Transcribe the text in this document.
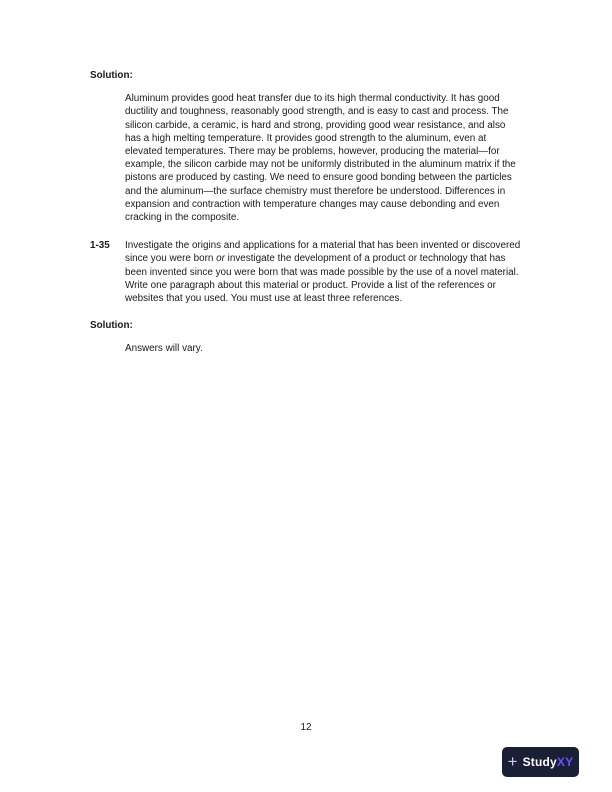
Solution:

Aluminum provides good heat transfer due to its high thermal conductivity. It has good ductility and toughness, reasonably good strength, and is easy to cast and process. The silicon carbide, a ceramic, is hard and strong, providing good wear resistance, and also has a high melting temperature. It provides good strength to the aluminum, even at elevated temperatures. There may be problems, however, producing the material—for example, the silicon carbide may not be uniformly distributed in the aluminum matrix if the pistons are produced by casting. We need to ensure good bonding between the particles and the aluminum—the surface chemistry must therefore be understood. Differences in expansion and contraction with temperature changes may cause debonding and even cracking in the composite.

1-35	Investigate the origins and applications for a material that has been invented or discovered since you were born or investigate the development of a product or technology that has been invented since you were born that was made possible by the use of a novel material. Write one paragraph about this material or product. Provide a list of the references or websites that you used. You must use at least three references.

Solution:

Answers will vary.

12
+ StudyXY
